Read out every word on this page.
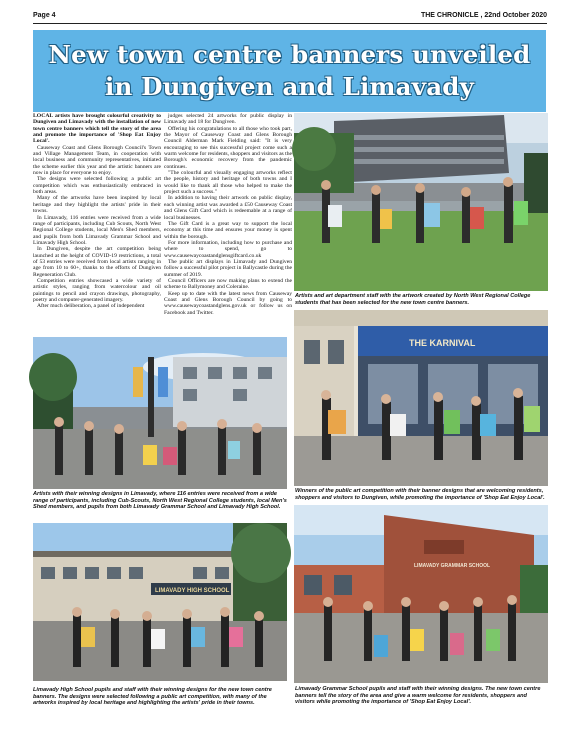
Page 4	THE CHRONICLE , 22nd October 2020
New town centre banners unveiled in Dungiven and Limavady

LOCAL artists have brought colourful creativity to Dungiven and Limavady with the installation of new town centre banners which tell the story of the area and promote the importance of 'Shop Eat Enjoy Local'.

Causeway Coast and Glens Borough Council's Town and Village Management Team, in cooperation with local business and community representatives, initiated the scheme earlier this year and the artistic banners are now in place for everyone to enjoy.

The designs were selected following a public art competition which was enthusiastically embraced in both areas.

Many of the artworks have been inspired by local heritage and they highlight the artists' pride in their towns.

In Limavady, 116 entries were received from a wide range of participants, including Cub Scouts, North West Regional College students, local Men's Shed members, and pupils from both Limavady Grammar School and Limavady High School.

In Dungiven, despite the art competition being launched at the height of COVID-19 restrictions, a total of 53 entries were received from local artists ranging in age from 10 to 60+, thanks to the efforts of Dungiven Regeneration Club.

Competition entries showcased a wide variety of artistic styles, ranging from watercolour and oil paintings to pencil and crayon drawings, photography, poetry and computer-generated imagery.

After much deliberation, a panel of independent

judges selected 24 artworks for public display in Limavady and 18 for Dungiven.

Offering his congratulations to all those who took part, the Mayor of Causeway Coast and Glens Borough Council Alderman Mark Fielding said: "It is very encouraging to see this successful project come such a warm welcome for residents, shoppers and visitors as the Borough's economic recovery from the pandemic continues.

"The colourful and visually engaging artworks reflect the people, history and heritage of both towns and I would like to thank all those who helped to make the project such a success."

In addition to having their artwork on public display, each winning artist was awarded a £50 Causeway Coast and Glens Gift Card which is redeemable at a range of local businesses.

The Gift Card is a great way to support the local economy at this time and ensures your money is spent within the borough.

For more information, including how to purchase and where to spend, go to www.causewaycoastandglensgiftcard.co.uk

The public art displays in Limavady and Dungiven follow a successful pilot project in Ballycastle during the summer of 2019.

Council Officers are now making plans to extend the scheme to Ballymoney and Coleraine.

Keep up to date with the latest news from Causeway Coast and Glens Borough Council by going to www.causewaycoastandglens.gov.uk or follow us on Facebook and Twitter.

Artists and art department staff with the artwork created by North West Regional College students that has been selected for the new town centre banners.
Artists with their winning designs in Limavady, where 116 entries were received from a wide range of participants, including Cub-Scouts, North West Regional College students, local Men's Shed members, and pupils from both Limavady Grammar School and Limavady High School.
THE KARNIVAL
Winners of the public art competition with their banner designs that are welcoming residents, shoppers and visitors to Dungiven, while promoting the importance of 'Shop Eat Enjoy Local'.
LIMAVADY HIGH SCHOOL
Limavady High School pupils and staff with their winning designs for the new town centre banners. The designs were selected following a public art competition, with many of the artworks inspired by local heritage and highlighting the artists' pride in their towns.
LIMAVADY GRAMMAR SCHOOL
Limavady Grammar School pupils and staff with their winning designs. The new town centre banners tell the story of the area and give a warm welcome for residents, shoppers and visitors while promoting the importance of 'Shop Eat Enjoy Local'.
